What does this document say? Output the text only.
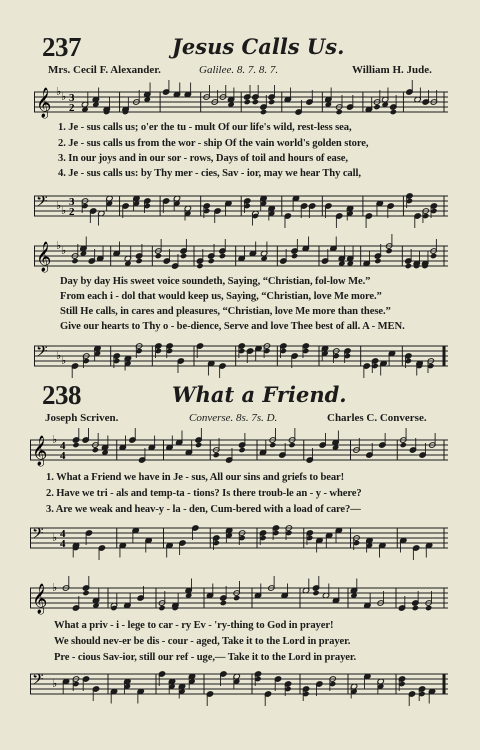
237	Jesus Calls Us.
Mrs. Cecil F. Alexander.	Galilee. 8. 7. 8. 7.	William H. Jude.
𝄞 ♭ ♭ 3
2
1. Je - sus calls us; o'er the tu - mult Of our life's wild, rest-less sea,
2. Je - sus calls us from the wor - ship Of the vain world's golden store,
3. In our joys and in our sor - rows, Days of toil and hours of ease,
4. Je - sus calls us: by Thy mer - cies, Sav - ior, may we hear Thy call,
𝄢 ♭ ♭
3
2
𝄞 ♭ ♭
Day by day His sweet voice soundeth, Saying, “Christian, fol-low Me.”
From each i - dol that would keep us, Saying, “Christian, love Me more.”
Still He calls, in cares and pleasures, “Christian, love Me more than these.”
Give our hearts to Thy o - be-dience, Serve and love Thee best of all. A - MEN.
𝄢 ♭ ♭
238	What a Friend.
Joseph Scriven.	Converse. 8s. 7s. D.	Charles C. Converse.
𝄞 ♭ 4
4
1. What a Friend we have in Je - sus, All our sins and griefs to bear!
2. Have we tri - als and temp-ta - tions? Is there troub-le an - y - where?
3. Are we weak and heav-y - la - den, Cum-bered with a load of care?—
𝄢 ♭ 4
4
𝄞 ♭
What a priv - i - lege to car - ry Ev - 'ry-thing to God in prayer!
We should nev-er be dis - cour - aged, Take it to the Lord in prayer.
Pre - cious Sav-ior, still our ref - uge,— Take it to the Lord in prayer.
𝄢 ♭
